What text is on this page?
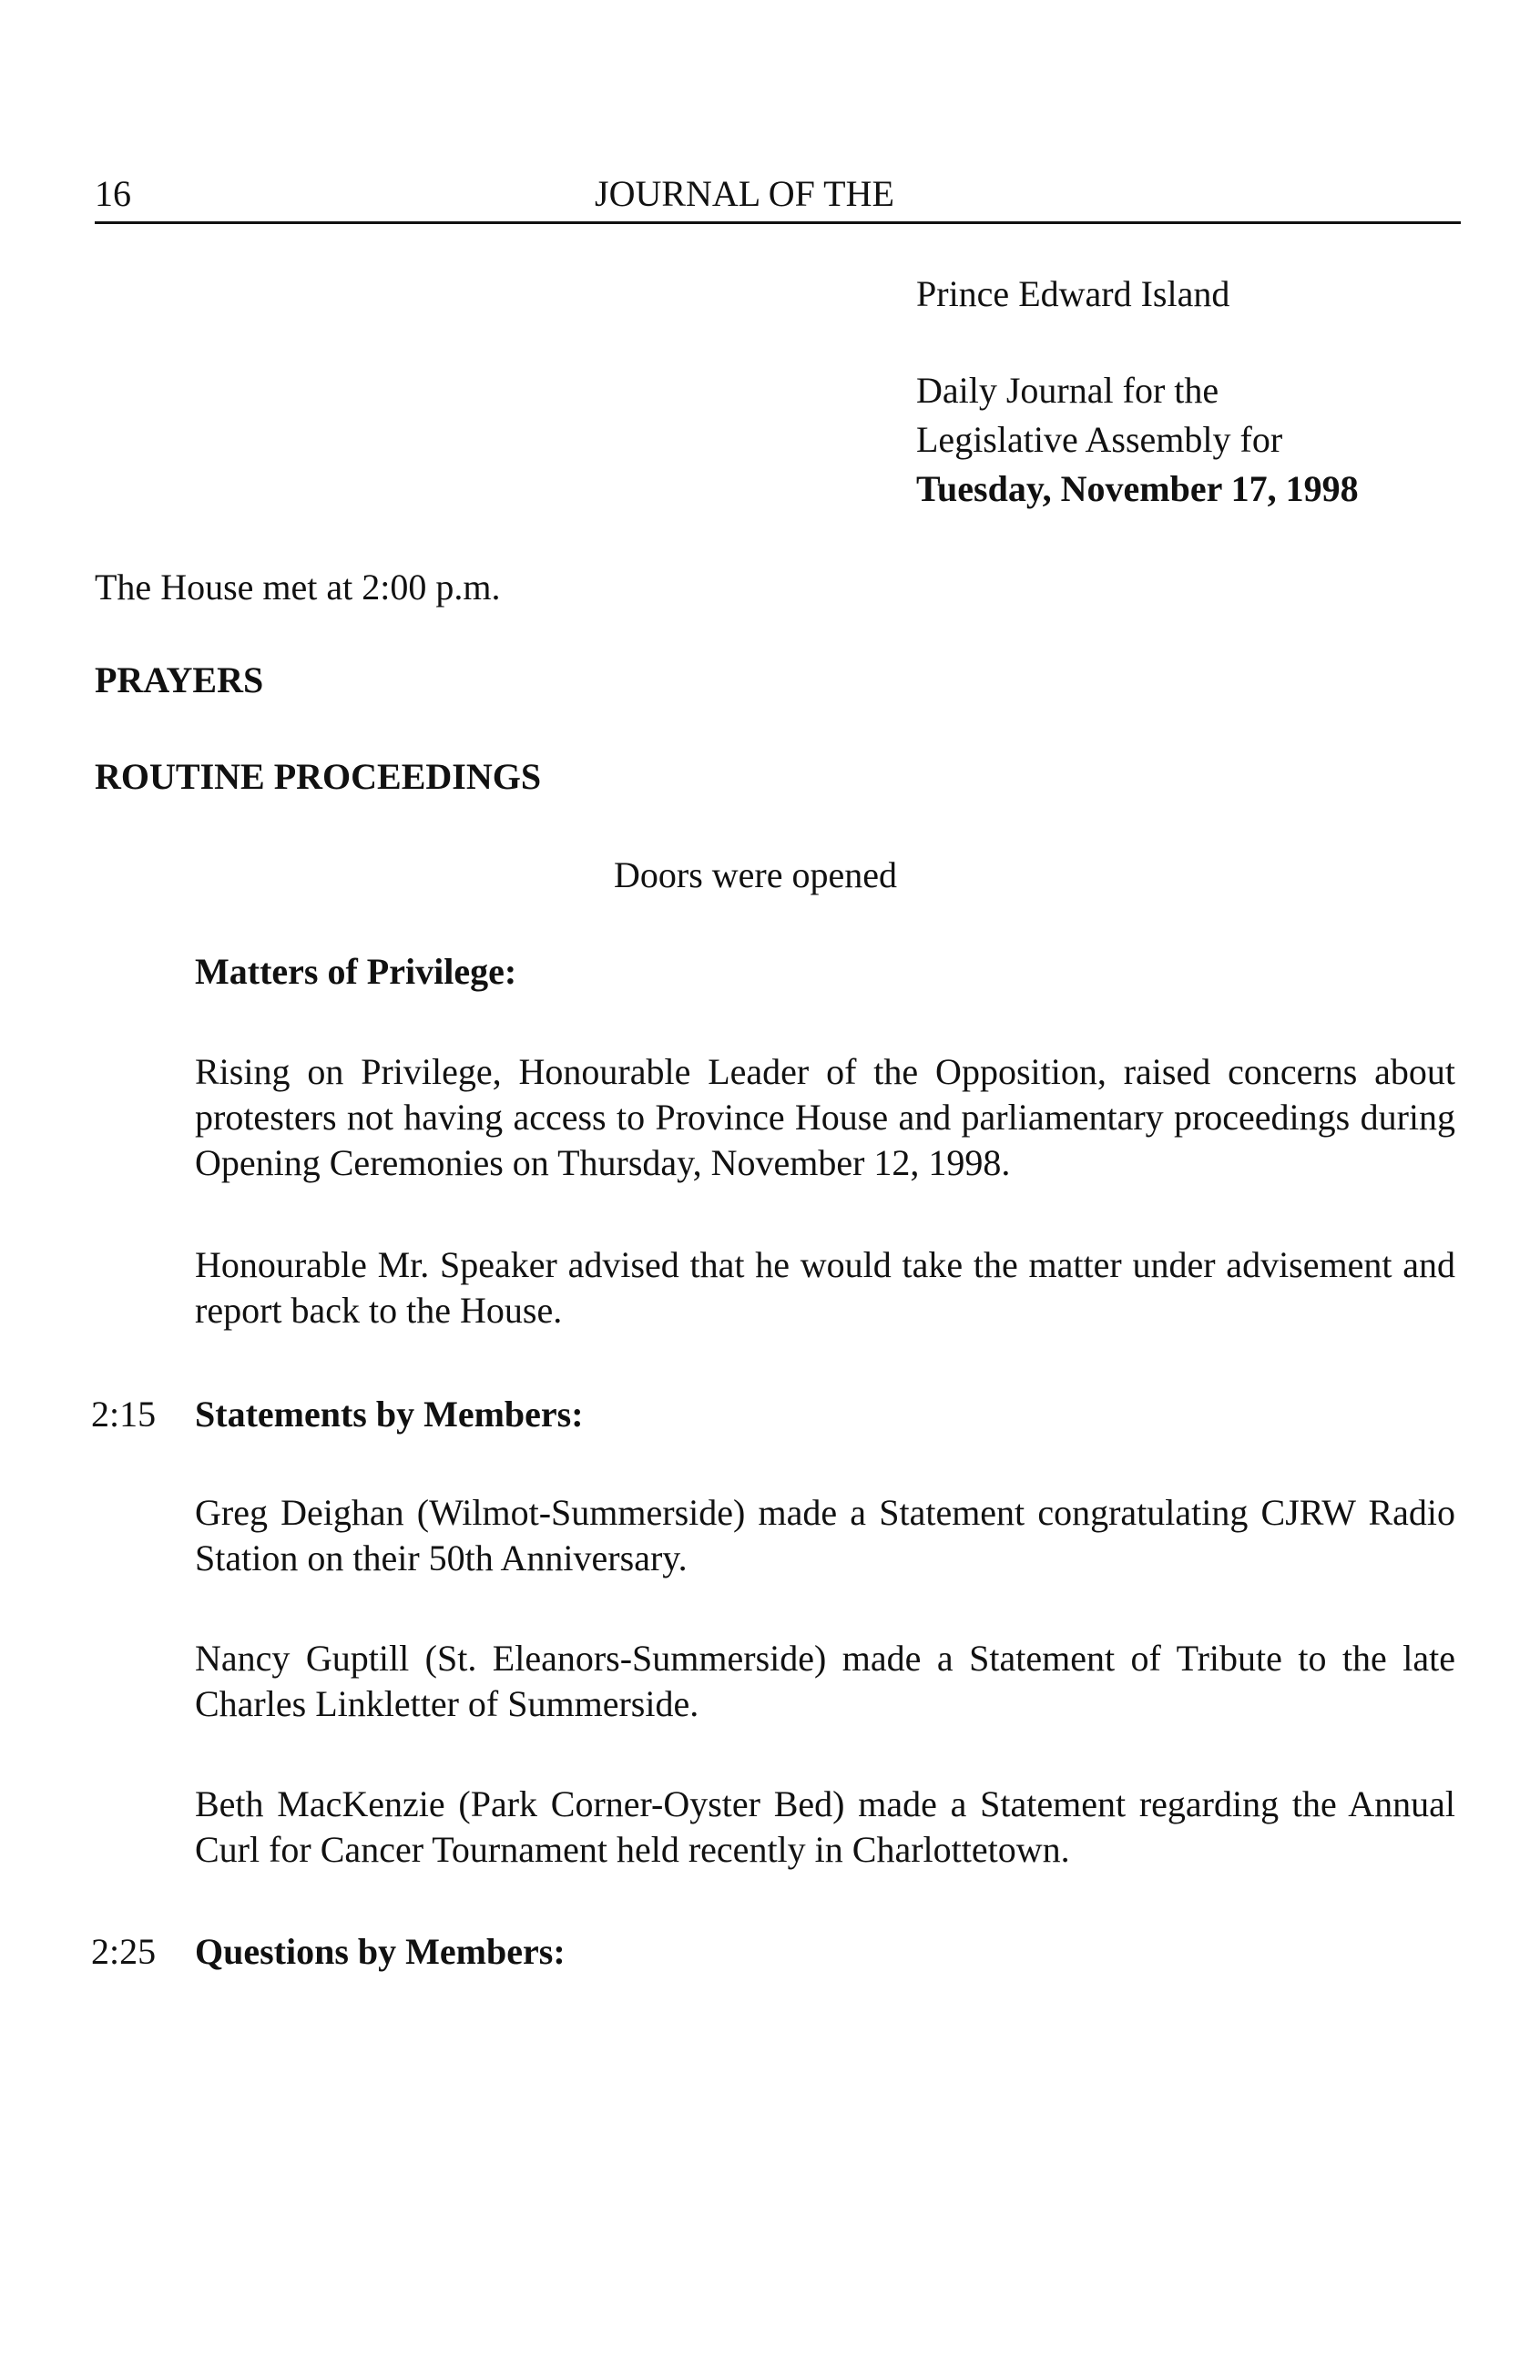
16	JOURNAL OF THE

Prince Edward Island

Daily Journal for the

Legislative Assembly for

Tuesday, November 17, 1998

The House met at 2:00 p.m.

PRAYERS

ROUTINE PROCEEDINGS

Doors were opened

Matters of Privilege:

Rising on Privilege, Honourable Leader of the Opposition, raised concerns about protesters not having access to Province House and parliamentary proceedings during Opening Ceremonies on Thursday, November 12, 1998.

Honourable Mr. Speaker advised that he would take the matter under advisement and report back to the House.

2:15 Statements by Members:

Greg Deighan (Wilmot-Summerside) made a Statement congratulating CJRW Radio Station on their 50th Anniversary.

Nancy Guptill (St. Eleanors-Summerside) made a Statement of Tribute to the late Charles Linkletter of Summerside.

Beth MacKenzie (Park Corner-Oyster Bed) made a Statement regarding the Annual Curl for Cancer Tournament held recently in Charlottetown.

2:25 Questions by Members:
